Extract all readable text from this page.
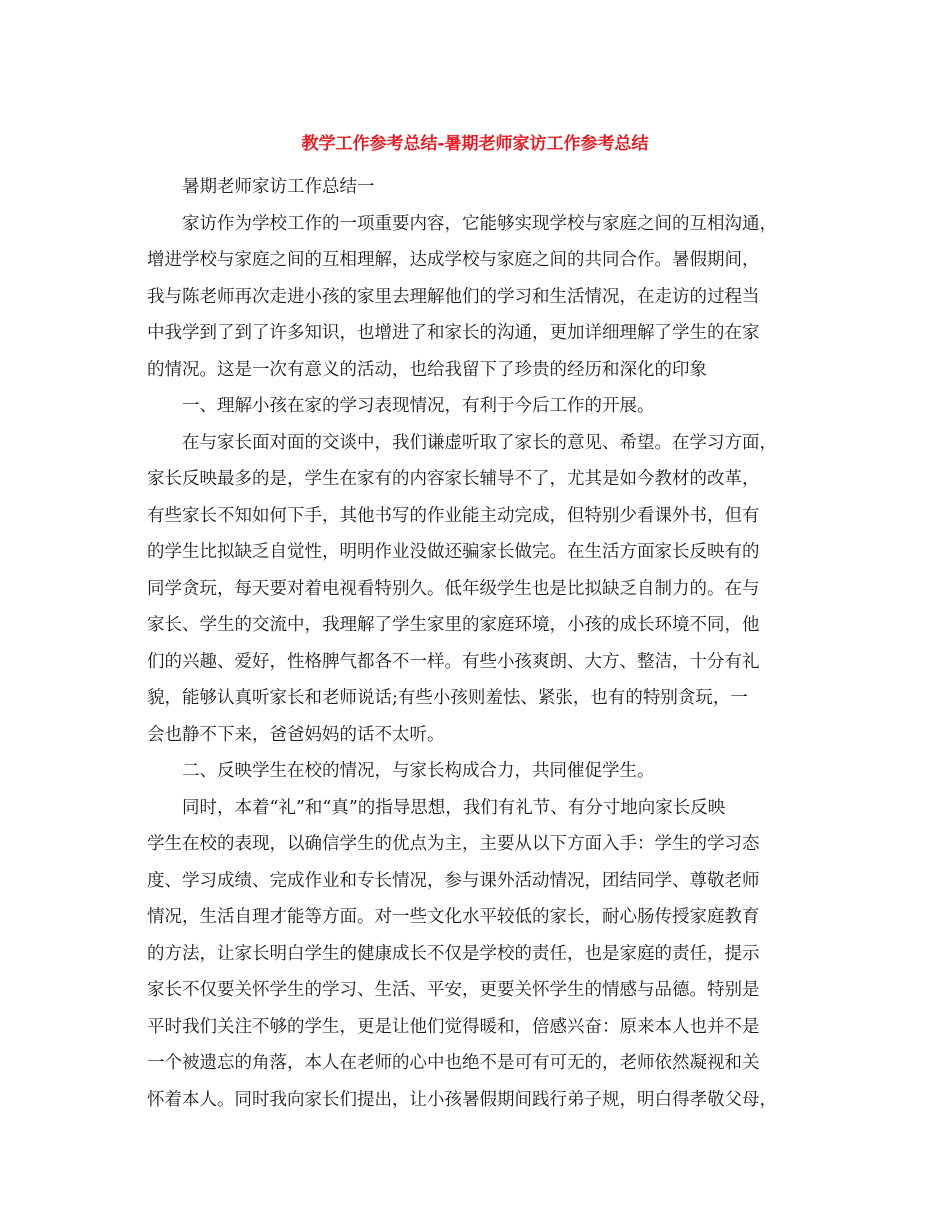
教学工作参考总结-暑期老师家访工作参考总结
暑期老师家访工作总结一
家访作为学校工作的一项重要内容，它能够实现学校与家庭之间的互相沟通，
增进学校与家庭之间的互相理解，达成学校与家庭之间的共同合作。暑假期间，
我与陈老师再次走进小孩的家里去理解他们的学习和生活情况，在走访的过程当
中我学到了到了许多知识，也增进了和家长的沟通，更加详细理解了学生的在家
的情况。这是一次有意义的活动，也给我留下了珍贵的经历和深化的印象
一、理解小孩在家的学习表现情况，有利于今后工作的开展。
在与家长面对面的交谈中，我们谦虚听取了家长的意见、希望。在学习方面，
家长反映最多的是，学生在家有的内容家长辅导不了，尤其是如今教材的改革，
有些家长不知如何下手，其他书写的作业能主动完成，但特别少看课外书，但有
的学生比拟缺乏自觉性，明明作业没做还骗家长做完。在生活方面家长反映有的
同学贪玩，每天要对着电视看特别久。低年级学生也是比拟缺乏自制力的。在与
家长、学生的交流中，我理解了学生家里的家庭环境，小孩的成长环境不同，他
们的兴趣、爱好，性格脾气都各不一样。有些小孩爽朗、大方、整洁，十分有礼
貌，能够认真听家长和老师说话;有些小孩则羞怯、紧张，也有的特别贪玩，一
会也静不下来，爸爸妈妈的话不太听。
二、反映学生在校的情况，与家长构成合力，共同催促学生。
同时，本着“礼”和“真”的指导思想，我们有礼节、有分寸地向家长反映
学生在校的表现，以确信学生的优点为主，主要从以下方面入手：学生的学习态
度、学习成绩、完成作业和专长情况，参与课外活动情况，团结同学、尊敬老师
情况，生活自理才能等方面。对一些文化水平较低的家长，耐心肠传授家庭教育
的方法，让家长明白学生的健康成长不仅是学校的责任，也是家庭的责任，提示
家长不仅要关怀学生的学习、生活、平安，更要关怀学生的情感与品德。特别是
平时我们关注不够的学生，更是让他们觉得暖和，倍感兴奋：原来本人也并不是
一个被遗忘的角落，本人在老师的心中也绝不是可有可无的，老师依然凝视和关
怀着本人。同时我向家长们提出，让小孩暑假期间践行弟子规，明白得孝敬父母，
